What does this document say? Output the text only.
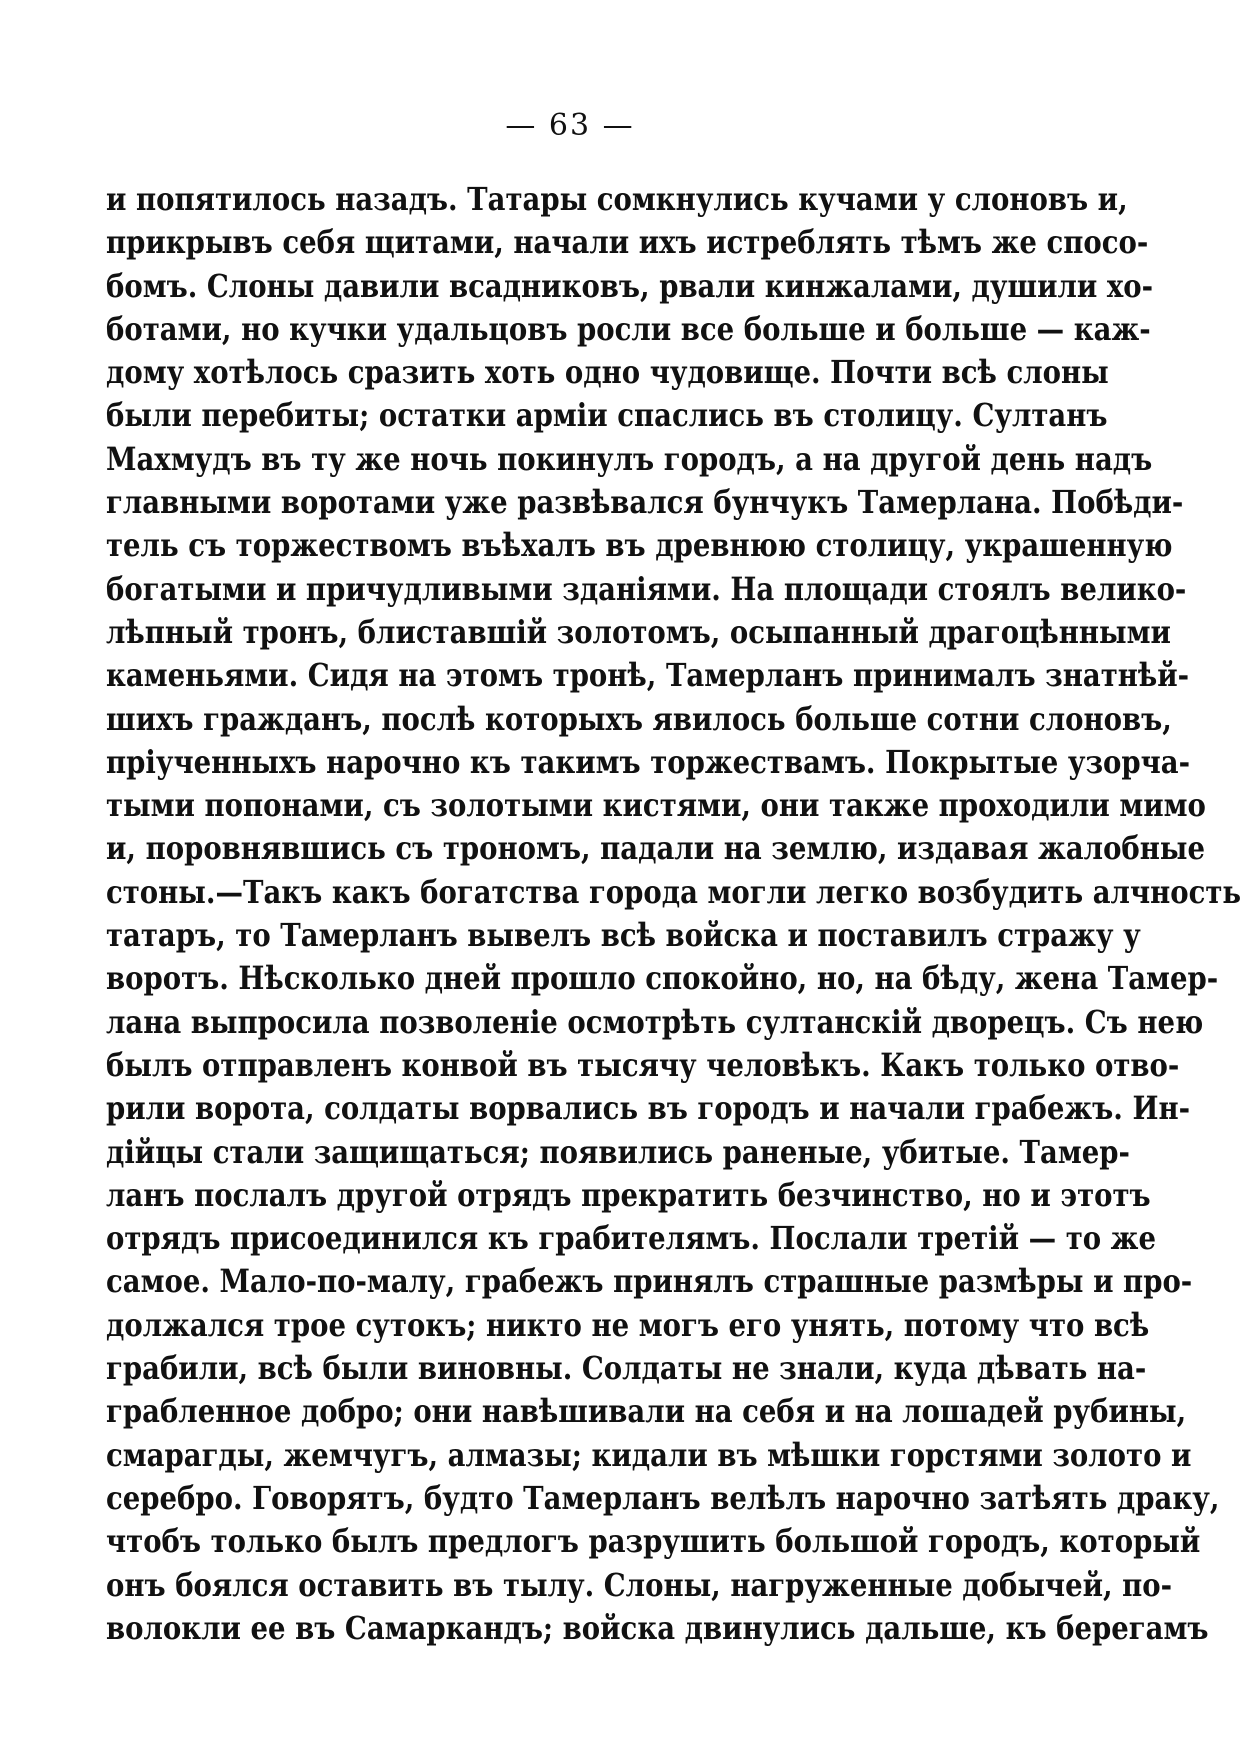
— 63 —
и попятилось назадъ. Татары сомкнулись кучами у слоновъ и,
прикрывъ себя щитами, начали ихъ истреблять тѣмъ же спосо-
бомъ. Слоны давили всадниковъ, рвали кинжалами, душили хо-
ботами, но кучки удальцовъ росли все больше и больше — каж-
дому хотѣлось сразить хоть одно чудовище. Почти всѣ слоны
были перебиты; остатки арміи спаслись въ столицу. Султанъ
Махмудъ въ ту же ночь покинулъ городъ, а на другой день надъ
главными воротами уже развѣвался бунчукъ Тамерлана. Побѣди-
тель съ торжествомъ въѣхалъ въ древнюю столицу, украшенную
богатыми и причудливыми зданіями. На площади стоялъ велико-
лѣпный тронъ, блиставшій золотомъ, осыпанный драгоцѣнными
каменьями. Сидя на этомъ тронѣ, Тамерланъ принималъ знатнѣй-
шихъ гражданъ, послѣ которыхъ явилось больше сотни слоновъ,
пріученныхъ нарочно къ такимъ торжествамъ. Покрытые узорча-
тыми попонами, съ золотыми кистями, они также проходили мимо
и, поровнявшись съ трономъ, падали на землю, издавая жалобные
стоны.—Такъ какъ богатства города могли легко возбудить алчность
татаръ, то Тамерланъ вывелъ всѣ войска и поставилъ стражу у
воротъ. Нѣсколько дней прошло спокойно, но, на бѣду, жена Тамер-
лана выпросила позволеніе осмотрѣть султанскій дворецъ. Съ нею
былъ отправленъ конвой въ тысячу человѣкъ. Какъ только отво-
рили ворота, солдаты ворвались въ городъ и начали грабежъ. Ин-
дійцы стали защищаться; появились раненые, убитые. Тамер-
ланъ послалъ другой отрядъ прекратить безчинство, но и этотъ
отрядъ присоединился къ грабителямъ. Послали третій — то же
самое. Мало-по-малу, грабежъ принялъ страшные размѣры и про-
должался трое сутокъ; никто не могъ его унять, потому что всѣ
грабили, всѣ были виновны. Солдаты не знали, куда дѣвать на-
грабленное добро; они навѣшивали на себя и на лошадей рубины,
смарагды, жемчугъ, алмазы; кидали въ мѣшки горстями золото и
серебро. Говорятъ, будто Тамерланъ велѣлъ нарочно затѣять драку,
чтобъ только былъ предлогъ разрушить большой городъ, который
онъ боялся оставить въ тылу. Слоны, нагруженные добычей, по-
волокли ее въ Самаркандъ; войска двинулись дальше, къ берегамъ
